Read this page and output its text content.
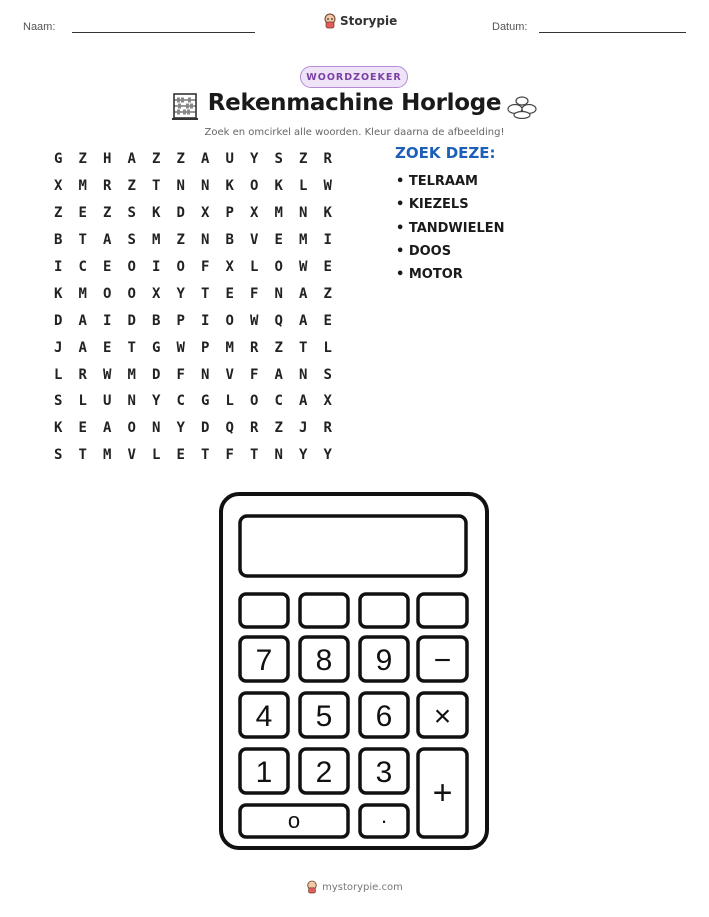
Naam:	Storypie	Datum:
WOORDZOEKER
Rekenmachine Horloge
Zoek en omcirkel alle woorden. Kleur daarna de afbeelding!
G	Z	H	A	Z	Z	A	U	Y	S	Z	R
X	M	R	Z	T	N	N	K	O	K	L	W
Z	E	Z	S	K	D	X	P	X	M	N	K
B	T	A	S	M	Z	N	B	V	E	M	I
I	C	E	O	I	O	F	X	L	O	W	E
K	M	O	O	X	Y	T	E	F	N	A	Z
D	A	I	D	B	P	I	O	W	Q	A	E
J	A	E	T	G	W	P	M	R	Z	T	L
L	R	W	M	D	F	N	V	F	A	N	S
S	L	U	N	Y	C	G	L	O	C	A	X
K	E	A	O	N	Y	D	Q	R	Z	J	R
S	T	M	V	L	E	T	F	T	N	Y	Y
ZOEK DEZE:
• TELRAAM
• KIEZELS
• TANDWIELEN
• DOOS
• MOTOR
7 8 9 −
4 5 6 ×
1 2 3
+
o	·
mystorypie.com
